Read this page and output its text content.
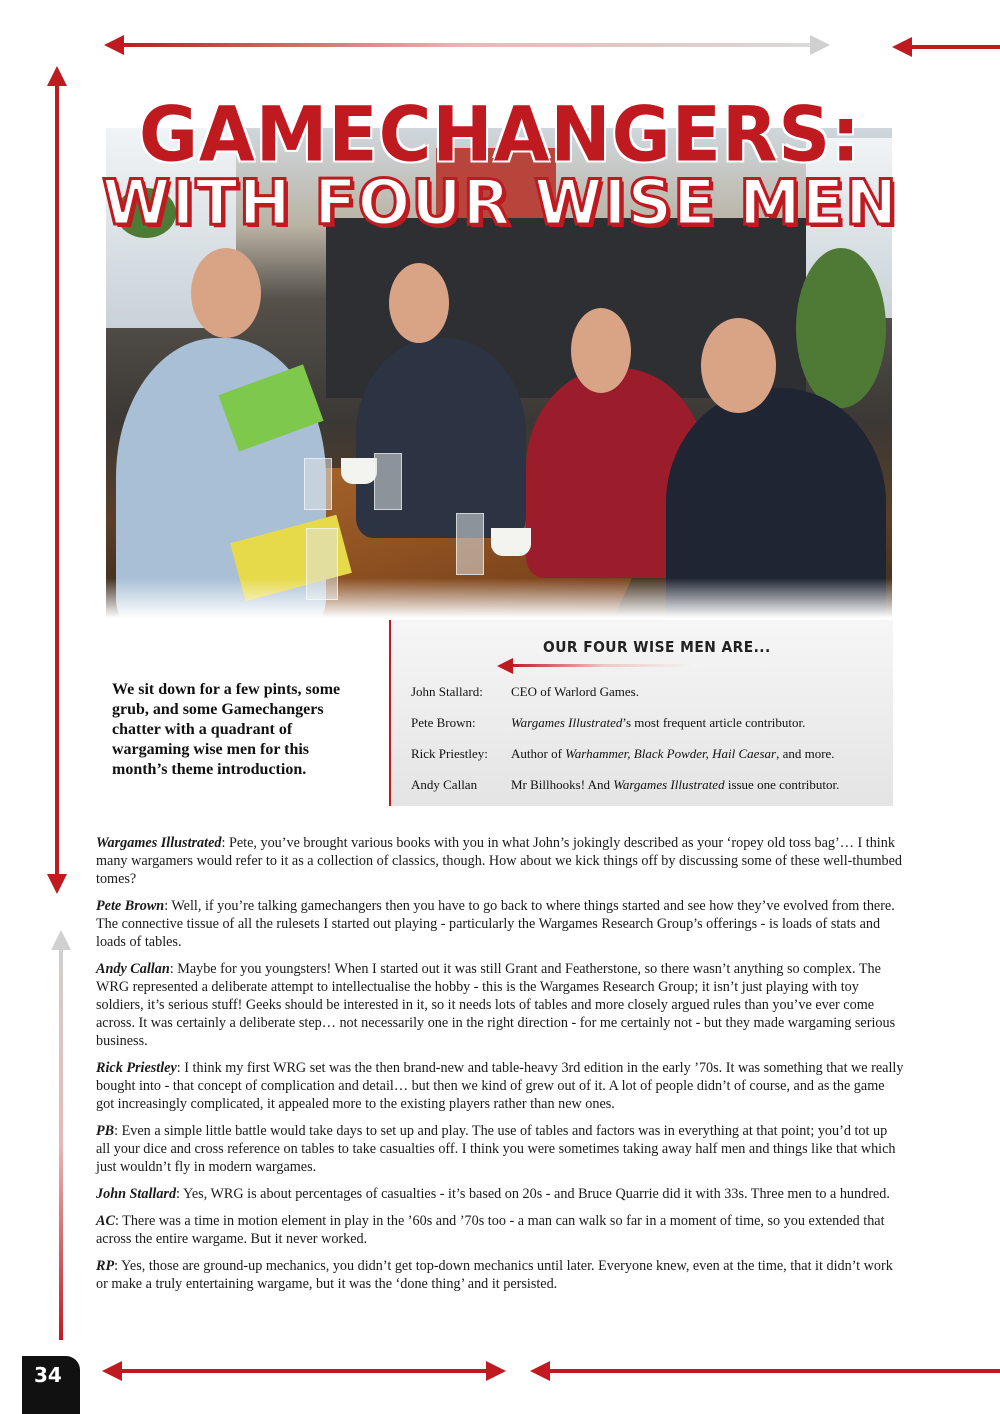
GAMECHANGERS:
WITH FOUR WISE MEN
We sit down for a few pints, some grub, and some Gamechangers chatter with a quadrant of wargaming wise men for this month’s theme introduction.
OUR FOUR WISE MEN ARE...
John Stallard:	CEO of Warlord Games.
Pete Brown:	Wargames Illustrated’s most frequent article contributor.
Rick Priestley:	Author of Warhammer, Black Powder, Hail Caesar, and more.
Andy Callan	Mr Billhooks! And Wargames Illustrated issue one contributor.

Wargames Illustrated: Pete, you’ve brought various books with you in what John’s jokingly described as your ‘ropey old toss bag’… I think many wargamers would refer to it as a collection of classics, though. How about we kick things off by discussing some of these well-thumbed tomes?

Pete Brown: Well, if you’re talking gamechangers then you have to go back to where things started and see how they’ve evolved from there. The connective tissue of all the rulesets I started out playing - particularly the Wargames Research Group’s offerings - is loads of stats and loads of tables.

Andy Callan: Maybe for you youngsters! When I started out it was still Grant and Featherstone, so there wasn’t anything so complex. The WRG represented a deliberate attempt to intellectualise the hobby - this is the Wargames Research Group; it isn’t just playing with toy soldiers, it’s serious stuff! Geeks should be interested in it, so it needs lots of tables and more closely argued rules than you’ve ever come across. It was certainly a deliberate step… not necessarily one in the right direction - for me certainly not - but they made wargaming serious business.

Rick Priestley: I think my first WRG set was the then brand-new and table-heavy 3rd edition in the early ’70s. It was something that we really bought into - that concept of complication and detail… but then we kind of grew out of it. A lot of people didn’t of course, and as the game got increasingly complicated, it appealed more to the existing players rather than new ones.

PB: Even a simple little battle would take days to set up and play. The use of tables and factors was in everything at that point; you’d tot up all your dice and cross reference on tables to take casualties off. I think you were sometimes taking away half men and things like that which just wouldn’t fly in modern wargames.

John Stallard: Yes, WRG is about percentages of casualties - it’s based on 20s - and Bruce Quarrie did it with 33s. Three men to a hundred.

AC: There was a time in motion element in play in the ’60s and ’70s too - a man can walk so far in a moment of time, so you extended that across the entire wargame. But it never worked.

RP: Yes, those are ground-up mechanics, you didn’t get top-down mechanics until later. Everyone knew, even at the time, that it didn’t work or make a truly entertaining wargame, but it was the ‘done thing’ and it persisted.

34
